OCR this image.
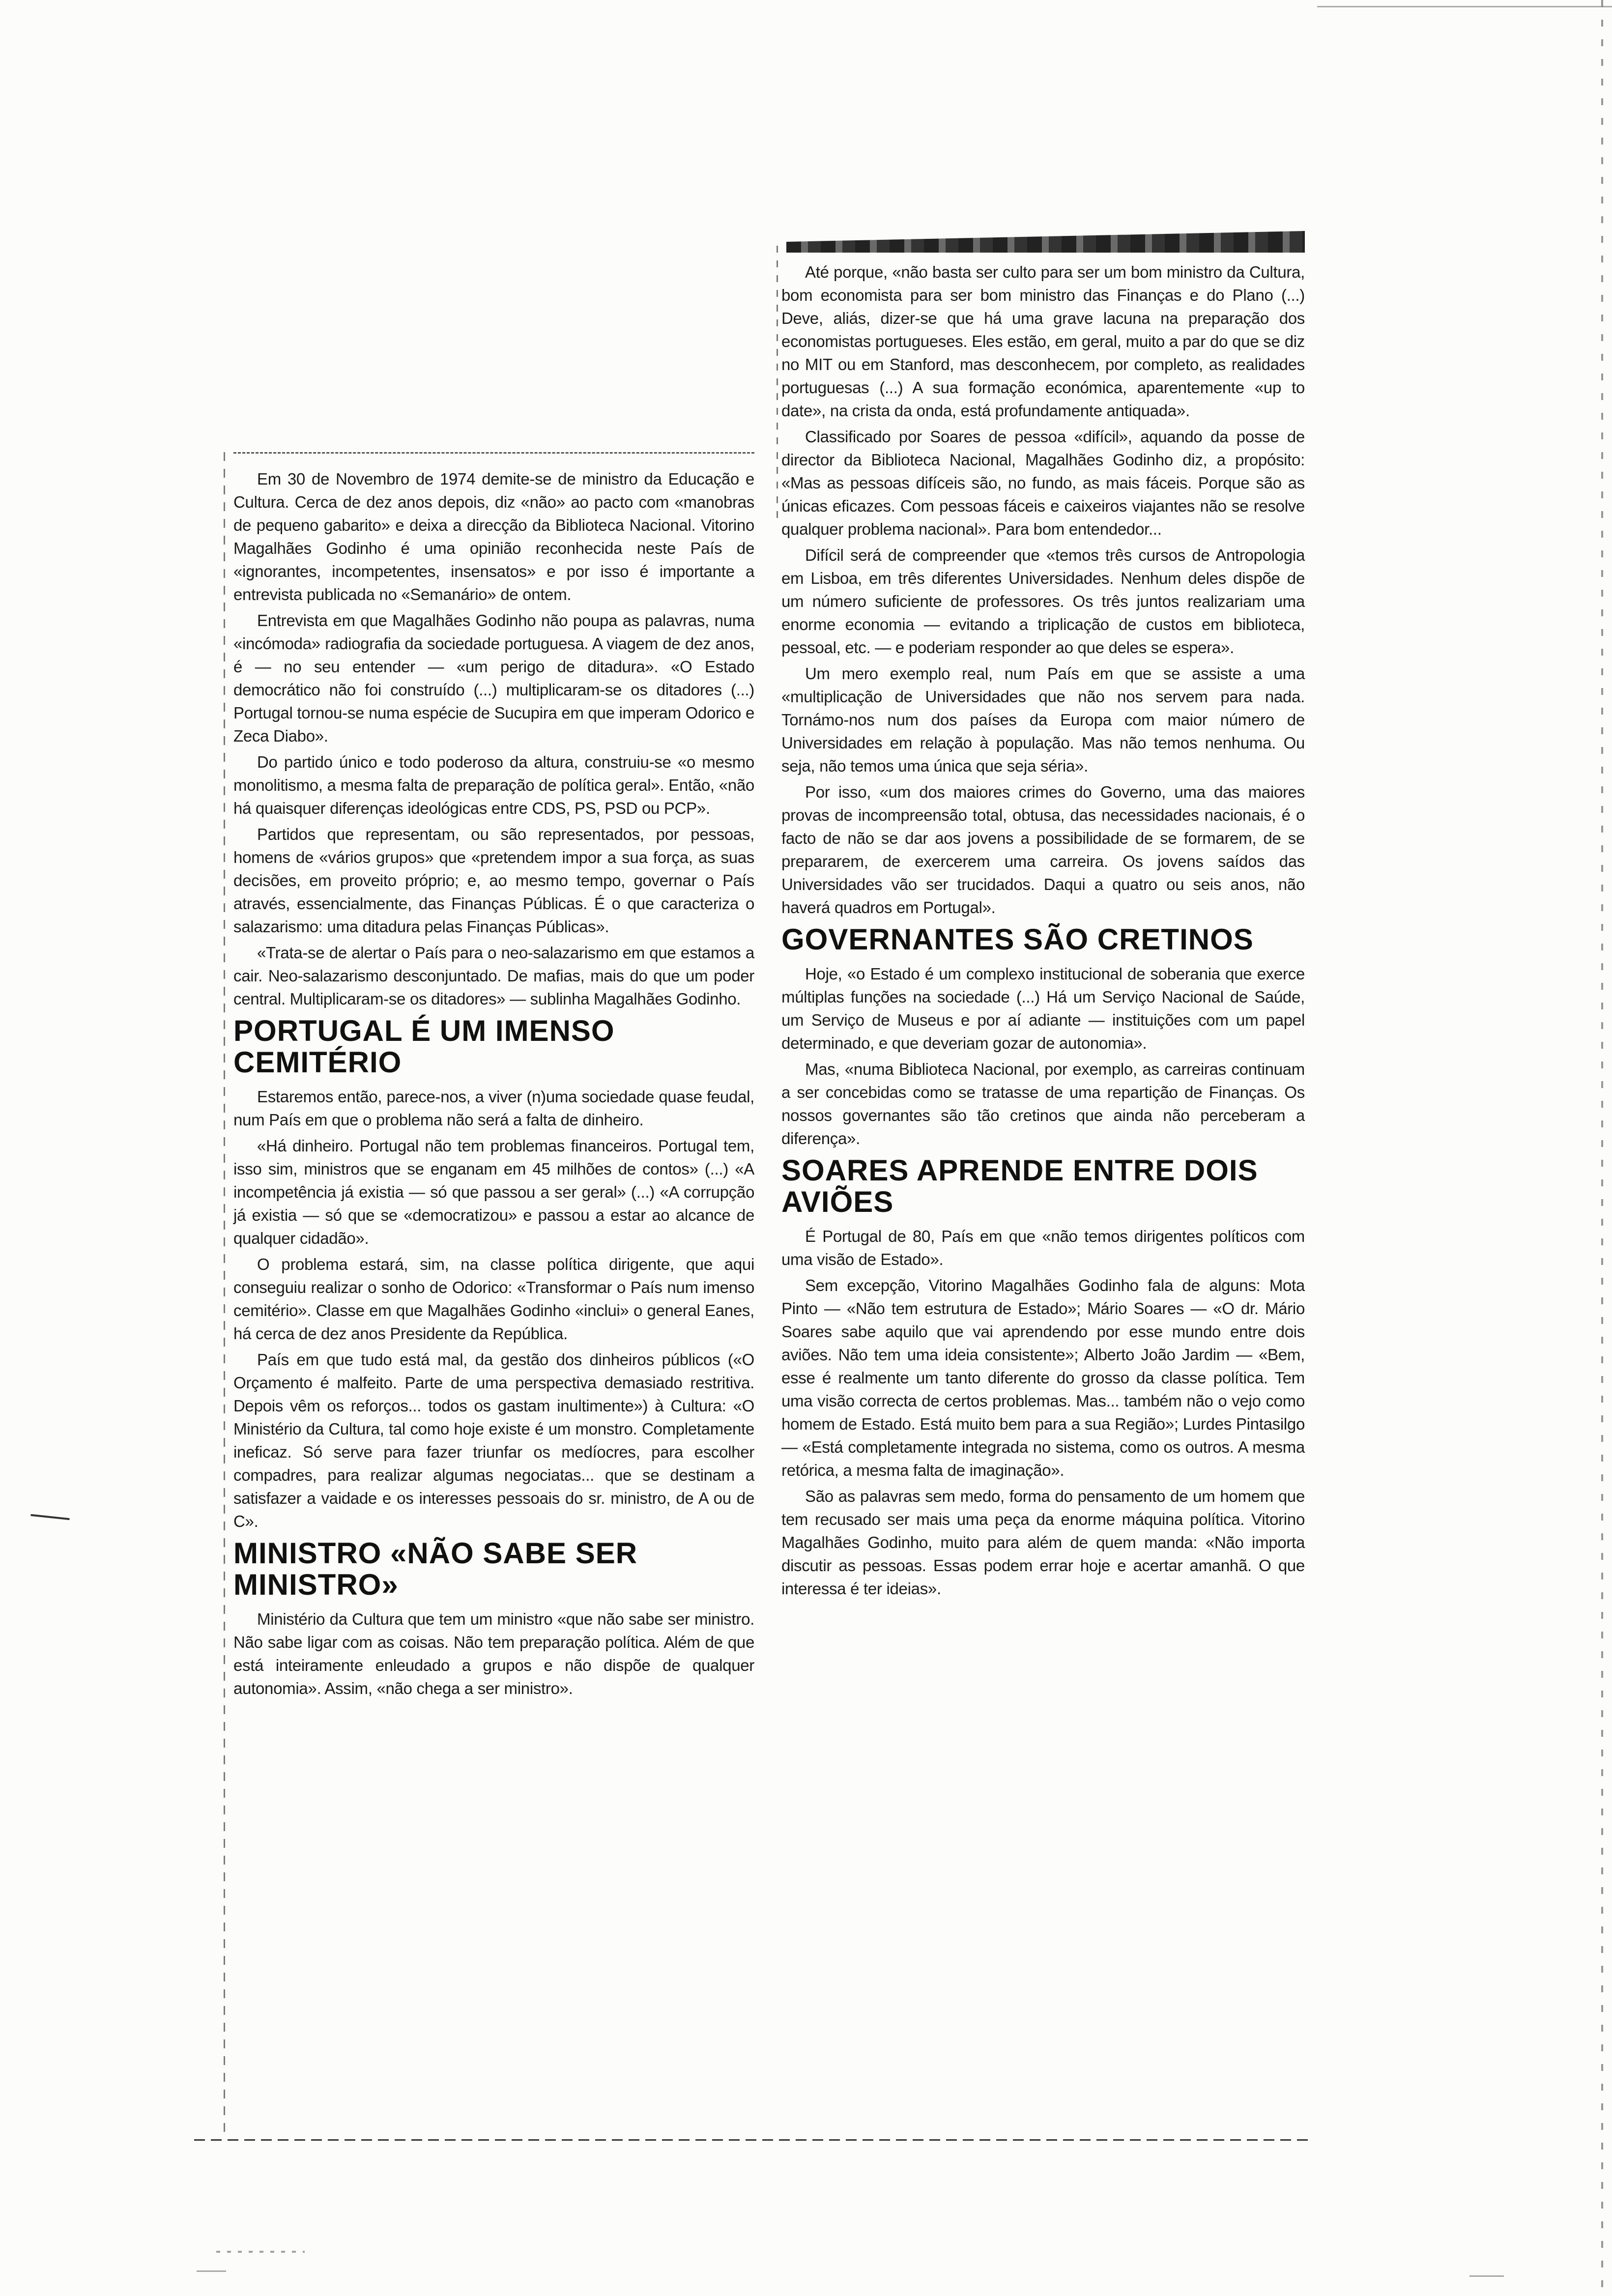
Em 30 de Novembro de 1974 demite-se de ministro da Educação e Cultura. Cerca de dez anos depois, diz «não» ao pacto com «manobras de pequeno gabarito» e deixa a direcção da Biblioteca Nacional. Vitorino Magalhães Godinho é uma opinião reconhecida neste País de «ignorantes, incompetentes, insensatos» e por isso é importante a entrevista publicada no «Semanário» de ontem.

Entrevista em que Magalhães Godinho não poupa as palavras, numa «incómoda» radiografia da sociedade portuguesa. A viagem de dez anos, é — no seu entender — «um perigo de ditadura». «O Estado democrático não foi construído (...) multiplicaram-se os ditadores (...) Portugal tornou-se numa espécie de Sucupira em que imperam Odorico e Zeca Diabo».

Do partido único e todo poderoso da altura, construiu-se «o mesmo monolitismo, a mesma falta de preparação de política geral». Então, «não há quaisquer diferenças ideológicas entre CDS, PS, PSD ou PCP».

Partidos que representam, ou são representados, por pessoas, homens de «vários grupos» que «pretendem impor a sua força, as suas decisões, em proveito próprio; e, ao mesmo tempo, governar o País através, essencialmente, das Finanças Públicas. É o que caracteriza o salazarismo: uma ditadura pelas Finanças Públicas».

«Trata-se de alertar o País para o neo-salazarismo em que estamos a cair. Neo-salazarismo desconjuntado. De mafias, mais do que um poder central. Multiplicaram-se os ditadores» — sublinha Magalhães Godinho.

PORTUGAL É UM IMENSO CEMITÉRIO

Estaremos então, parece-nos, a viver (n)uma sociedade quase feudal, num País em que o problema não será a falta de dinheiro.

«Há dinheiro. Portugal não tem problemas financeiros. Portugal tem, isso sim, ministros que se enganam em 45 milhões de contos» (...) «A incompetência já existia — só que passou a ser geral» (...) «A corrupção já existia — só que se «democratizou» e passou a estar ao alcance de qualquer cidadão».

O problema estará, sim, na classe política dirigente, que aqui conseguiu realizar o sonho de Odorico: «Transformar o País num imenso cemitério». Classe em que Magalhães Godinho «inclui» o general Eanes, há cerca de dez anos Presidente da República.

País em que tudo está mal, da gestão dos dinheiros públicos («O Orçamento é malfeito. Parte de uma perspectiva demasiado restritiva. Depois vêm os reforços... todos os gastam inultimente») à Cultura: «O Ministério da Cultura, tal como hoje existe é um monstro. Completamente ineficaz. Só serve para fazer triunfar os medíocres, para escolher compadres, para realizar algumas negociatas... que se destinam a satisfazer a vaidade e os interesses pessoais do sr. ministro, de A ou de C».

MINISTRO «NÃO SABE SER MINISTRO»

Ministério da Cultura que tem um ministro «que não sabe ser ministro. Não sabe ligar com as coisas. Não tem preparação política. Além de que está inteiramente enleudado a grupos e não dispõe de qualquer autonomia». Assim, «não chega a ser ministro».

Até porque, «não basta ser culto para ser um bom ministro da Cultura, bom economista para ser bom ministro das Finanças e do Plano (...) Deve, aliás, dizer-se que há uma grave lacuna na preparação dos economistas portugueses. Eles estão, em geral, muito a par do que se diz no MIT ou em Stanford, mas desconhecem, por completo, as realidades portuguesas (...) A sua formação económica, aparentemente «up to date», na crista da onda, está profundamente antiquada».

Classificado por Soares de pessoa «difícil», aquando da posse de director da Biblioteca Nacional, Magalhães Godinho diz, a propósito: «Mas as pessoas difíceis são, no fundo, as mais fáceis. Porque são as únicas eficazes. Com pessoas fáceis e caixeiros viajantes não se resolve qualquer problema nacional». Para bom entendedor...

Difícil será de compreender que «temos três cursos de Antropologia em Lisboa, em três diferentes Universidades. Nenhum deles dispõe de um número suficiente de professores. Os três juntos realizariam uma enorme economia — evitando a triplicação de custos em biblioteca, pessoal, etc. — e poderiam responder ao que deles se espera».

Um mero exemplo real, num País em que se assiste a uma «multiplicação de Universidades que não nos servem para nada. Tornámo-nos num dos países da Europa com maior número de Universidades em relação à população. Mas não temos nenhuma. Ou seja, não temos uma única que seja séria».

Por isso, «um dos maiores crimes do Governo, uma das maiores provas de incompreensão total, obtusa, das necessidades nacionais, é o facto de não se dar aos jovens a possibilidade de se formarem, de se prepararem, de exercerem uma carreira. Os jovens saídos das Universidades vão ser trucidados. Daqui a quatro ou seis anos, não haverá quadros em Portugal».

GOVERNANTES SÃO CRETINOS

Hoje, «o Estado é um complexo institucional de soberania que exerce múltiplas funções na sociedade (...) Há um Serviço Nacional de Saúde, um Serviço de Museus e por aí adiante — instituições com um papel determinado, e que deveriam gozar de autonomia».

Mas, «numa Biblioteca Nacional, por exemplo, as carreiras continuam a ser concebidas como se tratasse de uma repartição de Finanças. Os nossos governantes são tão cretinos que ainda não perceberam a diferença».

SOARES APRENDE ENTRE DOIS AVIÕES

É Portugal de 80, País em que «não temos dirigentes políticos com uma visão de Estado».

Sem excepção, Vitorino Magalhães Godinho fala de alguns: Mota Pinto — «Não tem estrutura de Estado»; Mário Soares — «O dr. Mário Soares sabe aquilo que vai aprendendo por esse mundo entre dois aviões. Não tem uma ideia consistente»; Alberto João Jardim — «Bem, esse é realmente um tanto diferente do grosso da classe política. Tem uma visão correcta de certos problemas. Mas... também não o vejo como homem de Estado. Está muito bem para a sua Região»; Lurdes Pintasilgo — «Está completamente integrada no sistema, como os outros. A mesma retórica, a mesma falta de imaginação».

São as palavras sem medo, forma do pensamento de um homem que tem recusado ser mais uma peça da enorme máquina política. Vitorino Magalhães Godinho, muito para além de quem manda: «Não importa discutir as pessoas. Essas podem errar hoje e acertar amanhã. O que interessa é ter ideias».
